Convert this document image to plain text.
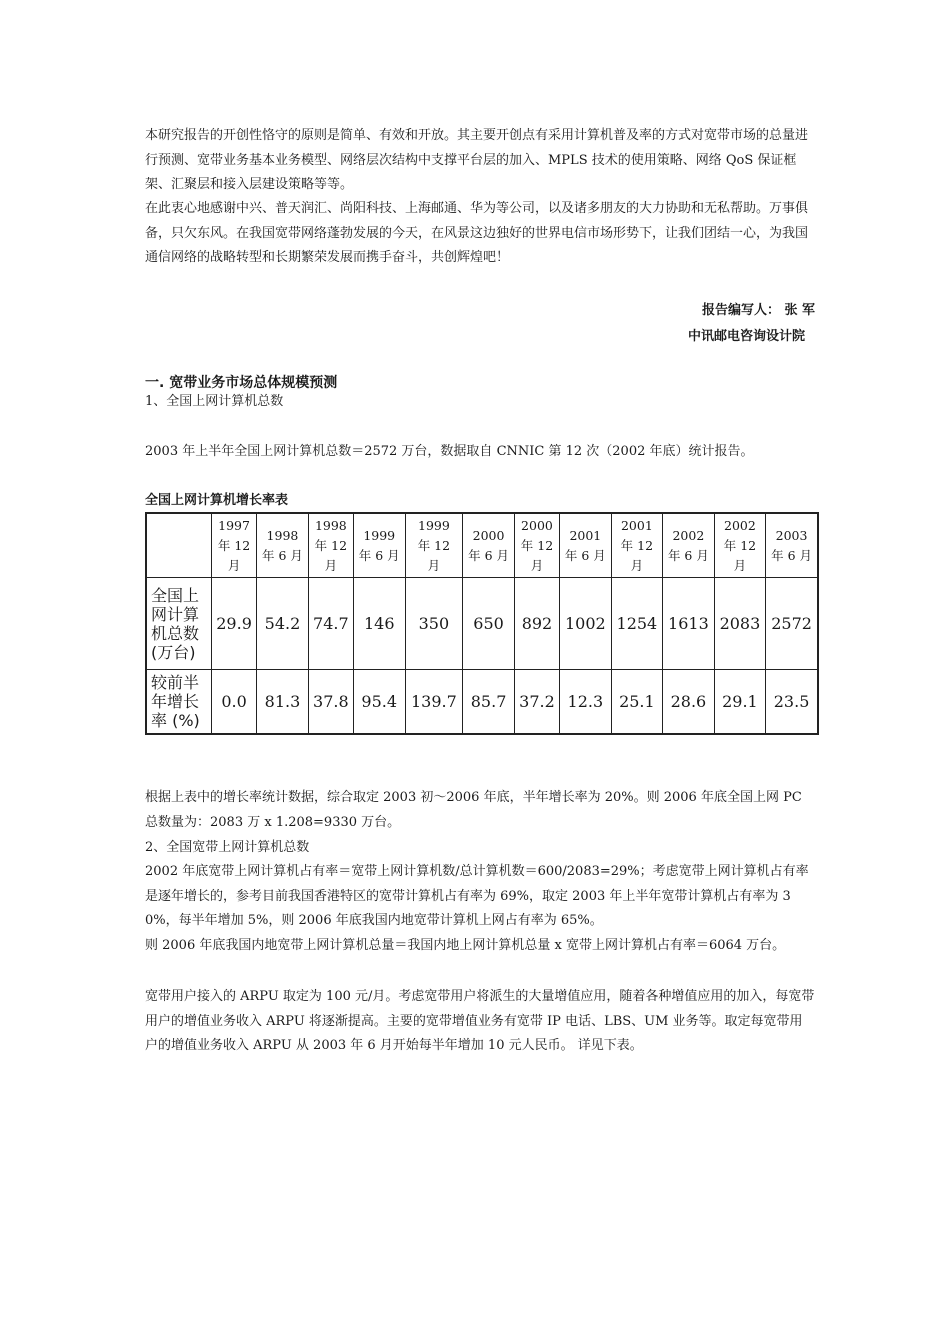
本研究报告的开创性恪守的原则是简单、有效和开放。其主要开创点有采用计算机普及率的方式对宽带市场的总量进行预测、宽带业务基本业务模型、网络层次结构中支撑平台层的加入、MPLS 技术的使用策略、网络 QoS 保证框架、汇聚层和接入层建设策略等等。

在此衷心地感谢中兴、普天润汇、尚阳科技、上海邮通、华为等公司，以及诸多朋友的大力协助和无私帮助。万事俱备，只欠东风。在我国宽带网络蓬勃发展的今天，在风景这边独好的世界电信市场形势下，让我们团结一心，为我国通信网络的战略转型和长期繁荣发展而携手奋斗，共创辉煌吧！

报告编写人： 张 军
中讯邮电咨询设计院
一. 宽带业务市场总体规模预测

1、全国上网计算机总数

2003 年上半年全国上网计算机总数＝2572 万台，数据取自 CNNIC 第 12 次（2002 年底）统计报告。

全国上网计算机增长率表

	1997
年 12
月	1998
年 6 月	1998
年 12
月	1999
年 6 月	1999
年 12
月	2000
年 6 月	2000
年 12
月	2001
年 6 月	2001
年 12
月	2002
年 6 月	2002
年 12
月	2003
年 6 月

全国上
网计算
机总数
(万台)	29.9	54.2	74.7	146	350	650	892	1002	1254	1613	2083	2572

较前半
年增长
率 (%)	0.0	81.3	37.8	95.4	139.7	85.7	37.2	12.3	25.1	28.6	29.1	23.5

根据上表中的增长率统计数据，综合取定 2003 初～2006 年底，半年增长率为 20%。则 2006 年底全国上网 PC 总数量为：2083 万 x 1.208=9330 万台。

2、全国宽带上网计算机总数

2002 年底宽带上网计算机占有率＝宽带上网计算机数/总计算机数＝600/2083=29%；考虑宽带上网计算机占有率是逐年增长的，参考目前我国香港特区的宽带计算机占有率为 69%，取定 2003 年上半年宽带计算机占有率为 30%，每半年增加 5%，则 2006 年底我国内地宽带计算机上网占有率为 65%。

则 2006 年底我国内地宽带上网计算机总量＝我国内地上网计算机总量 x 宽带上网计算机占有率＝6064 万台。

宽带用户接入的 ARPU 取定为 100 元/月。考虑宽带用户将派生的大量增值应用，随着各种增值应用的加入，每宽带用户的增值业务收入 ARPU 将逐渐提高。主要的宽带增值业务有宽带 IP 电话、LBS、UM 业务等。取定每宽带用户的增值业务收入 ARPU 从 2003 年 6 月开始每半年增加 10 元人民币。 详见下表。
